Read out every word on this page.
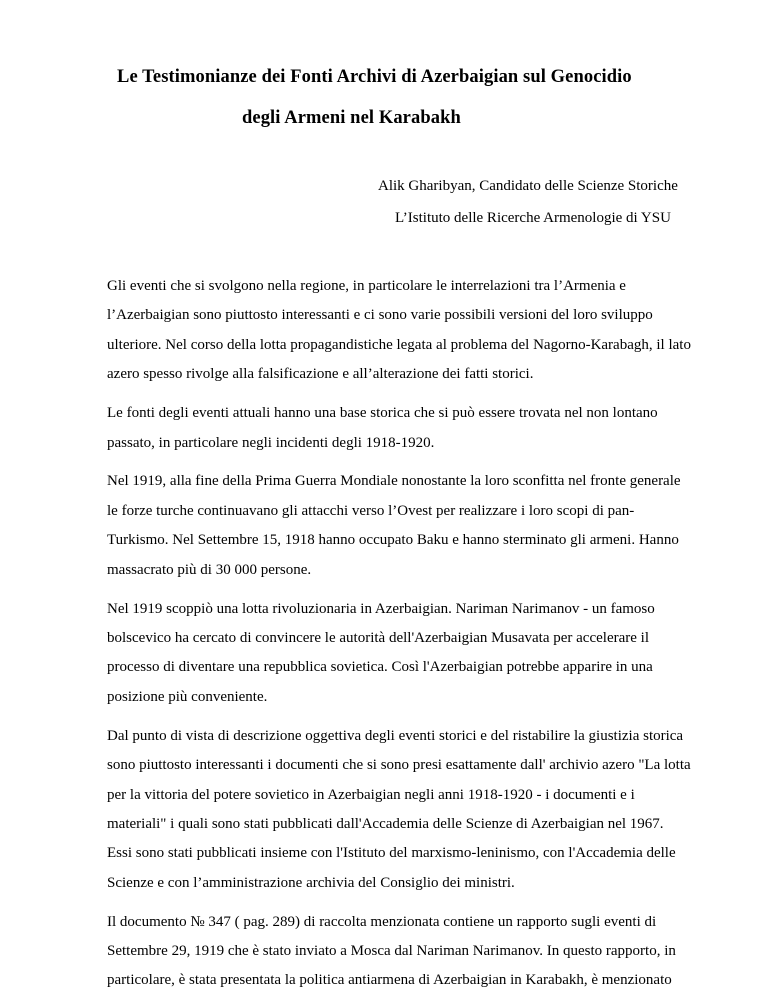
Le Testimonianze dei Fonti Archivi di Azerbaigian sul Genocidio
degli Armeni nel Karabakh
Alik Gharibyan, Candidato delle Scienze Storiche
L’Istituto delle Ricerche Armenologie di YSU

Gli eventi che si svolgono nella regione, in particolare le interrelazioni tra l’Armenia e
l’Azerbaigian sono piuttosto interessanti e ci sono varie possibili versioni del loro sviluppo
ulteriore. Nel corso della lotta propagandistiche legata al problema del Nagorno-Karabagh, il lato
azero spesso rivolge alla falsificazione e all’alterazione dei fatti storici.

Le fonti degli eventi attuali hanno una base storica che si può essere trovata nel non lontano
passato, in particolare negli incidenti degli 1918-1920.

Nel 1919, alla fine della Prima Guerra Mondiale nonostante la loro sconfitta nel fronte generale
le forze turche continuavano gli attacchi verso l’Ovest per realizzare i loro scopi di pan-
Turkismo. Nel Settembre 15, 1918 hanno occupato Baku e hanno sterminato gli armeni. Hanno
massacrato più di 30 000 persone.

Nel 1919 scoppiò una lotta rivoluzionaria in Azerbaigian. Nariman Narimanov - un famoso
bolscevico ha cercato di convincere le autorità dell'Azerbaigian Musavata per accelerare il
processo di diventare una repubblica sovietica. Così l'Azerbaigian potrebbe apparire in una
posizione più conveniente.

Dal punto di vista di descrizione oggettiva degli eventi storici e del ristabilire la giustizia storica
sono piuttosto interessanti i documenti che si sono presi esattamente dall' archivio azero "La lotta
per la vittoria del potere sovietico in Azerbaigian negli anni 1918-1920 - i documenti e i
materiali" i quali sono stati pubblicati dall'Accademia delle Scienze di Azerbaigian nel 1967.
Essi sono stati pubblicati insieme con l'Istituto del marxismo-leninismo, con l'Accademia delle
Scienze e con l’amministrazione archivia del Consiglio dei ministri.

Il documento № 347 ( pag. 289) di raccolta menzionata contiene un rapporto sugli eventi di
Settembre 29, 1919 che è stato inviato a Mosca dal Nariman Narimanov. In questo rapporto, in
particolare, è stata presentata la politica antiarmena di Azerbaigian in Karabakh, è menzionato
